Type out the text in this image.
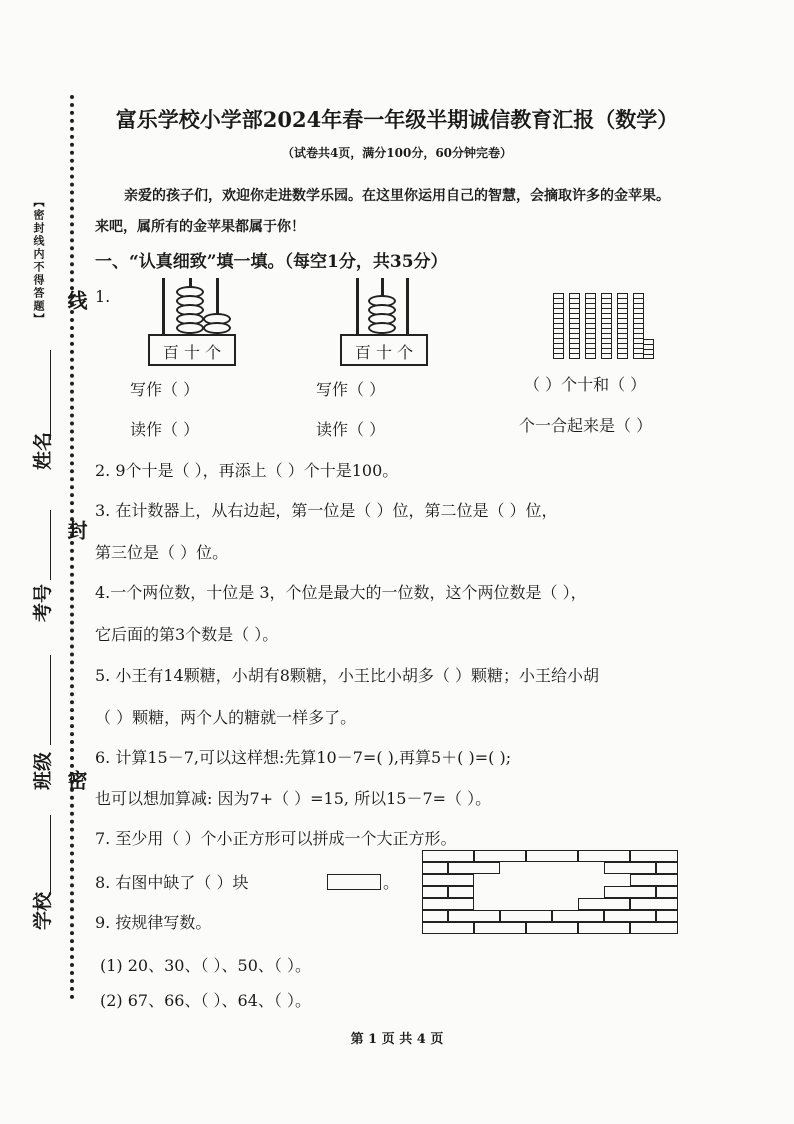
【密封线内不得答题】 线
封
密
姓名
考号
班级
学校
富乐学校小学部2024年春一年级半期诚信教育汇报（数学）
（试卷共4页，满分100分，60分钟完卷）
亲爱的孩子们，欢迎你走进数学乐园。在这里你运用自己的智慧，会摘取许多的金苹果。
来吧，属所有的金苹果都属于你！
一、“认真细致”填一填。（每空1分，共35分）
1.
百 十 个	百 十 个
写作（ ）
读作（ ）
写作（ ）
读作（ ）
（ ）个十和（ ）
个一合起来是（ ）
2. 9个十是（ ），再添上（ ）个十是100。
3. 在计数器上，从右边起，第一位是（ ）位，第二位是（ ）位，
第三位是（ ）位。
4.一个两位数，十位是 3，个位是最大的一位数，这个两位数是（ ），
它后面的第3个数是（ ）。
5. 小王有14颗糖，小胡有8颗糖，小王比小胡多（ ）颗糖；小王给小胡
（ ）颗糖，两个人的糖就一样多了。
6. 计算15－7,可以这样想:先算10－7=( ),再算5＋( )=( );
也可以想加算减: 因为7+（ ）=15, 所以15－7=（ ）。
7. 至少用（ ）个小正方形可以拼成一个大正方形。
8. 右图中缺了（ ）块	。
9. 按规律写数。
(1) 20、30、（ ）、50、（ ）。
(2) 67、66、（ ）、64、（ ）。
第 1 页 共 4 页
